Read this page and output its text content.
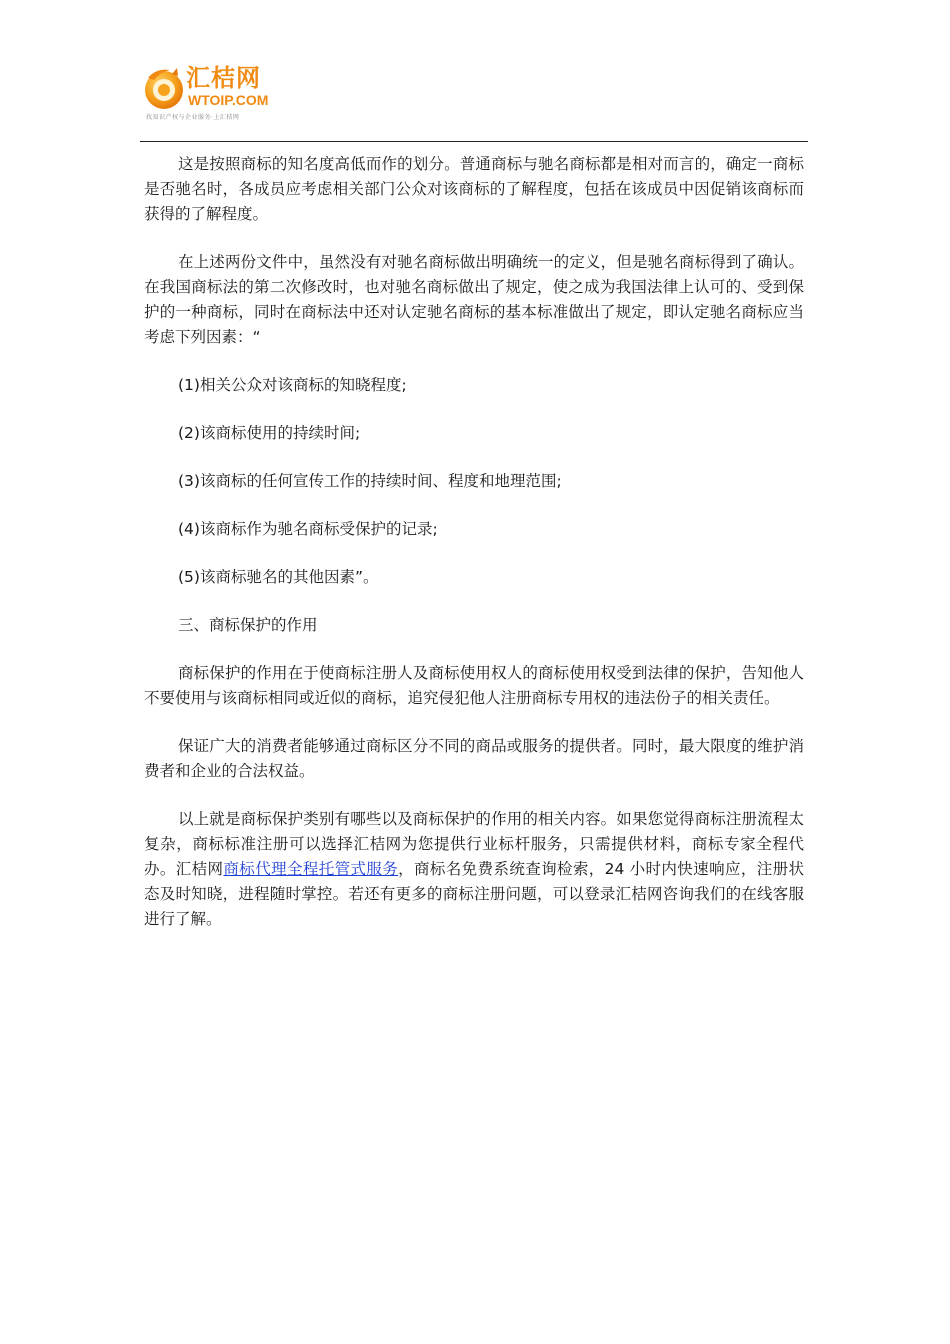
汇桔网
WTOIP.COM
找知识产权与企业服务·上汇桔网

这是按照商标的知名度高低而作的划分。普通商标与驰名商标都是相对而言的，确定一商标是否驰名时，各成员应考虑相关部门公众对该商标的了解程度，包括在该成员中因促销该商标而获得的了解程度。

在上述两份文件中，虽然没有对驰名商标做出明确统一的定义，但是驰名商标得到了确认。在我国商标法的第二次修改时，也对驰名商标做出了规定，使之成为我国法律上认可的、受到保护的一种商标，同时在商标法中还对认定驰名商标的基本标准做出了规定，即认定驰名商标应当考虑下列因素：“

(1)相关公众对该商标的知晓程度;

(2)该商标使用的持续时间;

(3)该商标的任何宣传工作的持续时间、程度和地理范围;

(4)该商标作为驰名商标受保护的记录;

(5)该商标驰名的其他因素”。

三、商标保护的作用

商标保护的作用在于使商标注册人及商标使用权人的商标使用权受到法律的保护，告知他人不要使用与该商标相同或近似的商标，追究侵犯他人注册商标专用权的违法份子的相关责任。

保证广大的消费者能够通过商标区分不同的商品或服务的提供者。同时，最大限度的维护消费者和企业的合法权益。

以上就是商标保护类别有哪些以及商标保护的作用的相关内容。如果您觉得商标注册流程太复杂，商标标准注册可以选择汇桔网为您提供行业标杆服务，只需提供材料，商标专家全程代办。汇桔网商标代理全程托管式服务，商标名免费系统查询检索，24 小时内快速响应，注册状态及时知晓，进程随时掌控。若还有更多的商标注册问题，可以登录汇桔网咨询我们的在线客服进行了解。
